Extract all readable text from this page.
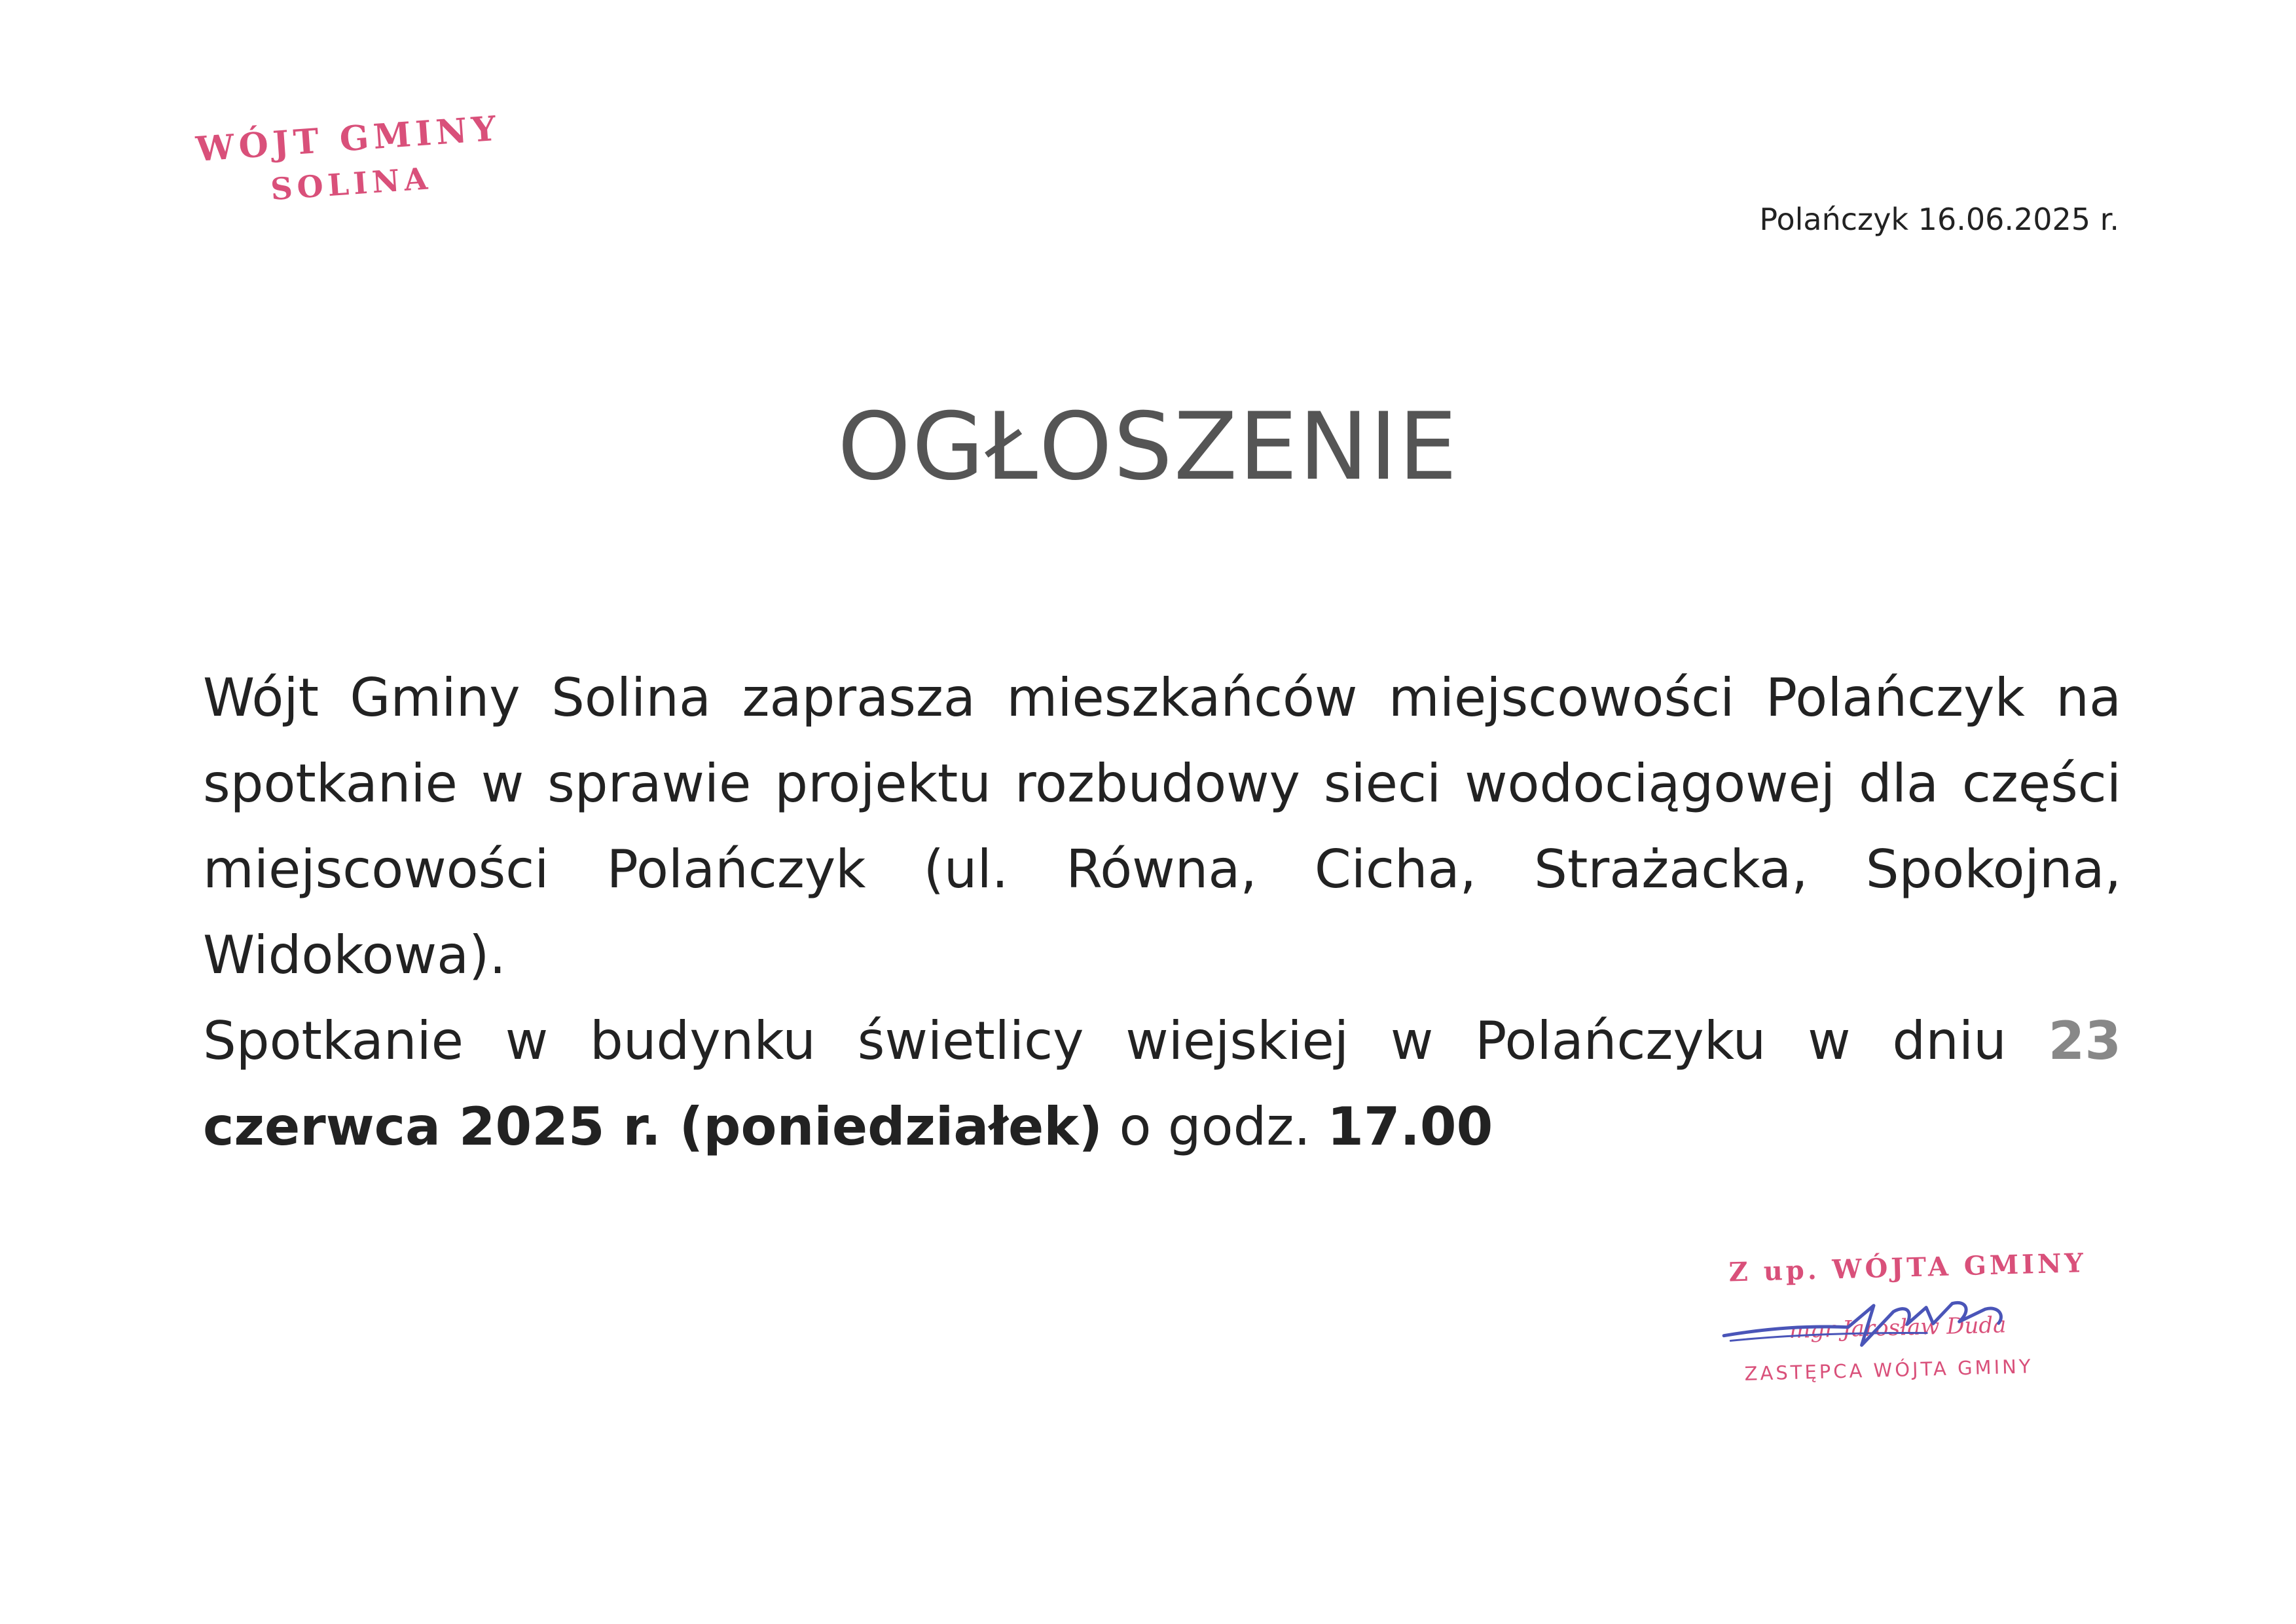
WÓJT GMINY
SOLINA
Polańczyk 16.06.2025 r.
OGŁOSZENIE

Wójt Gminy Solina zaprasza mieszkańców miejscowości Polańczyk na spotkanie w sprawie projektu rozbudowy sieci wodociągowej dla części miejscowości Polańczyk (ul. Równa, Cicha, Strażacka, Spokojna, Widokowa).

Spotkanie w budynku świetlicy wiejskiej w Polańczyku w dniu 23 czerwca 2025 r. (poniedziałek) o godz. 17.00

Z up. WÓJTA GMINY
mgr Jarosław Duda
ZASTĘPCA WÓJTA GMINY
